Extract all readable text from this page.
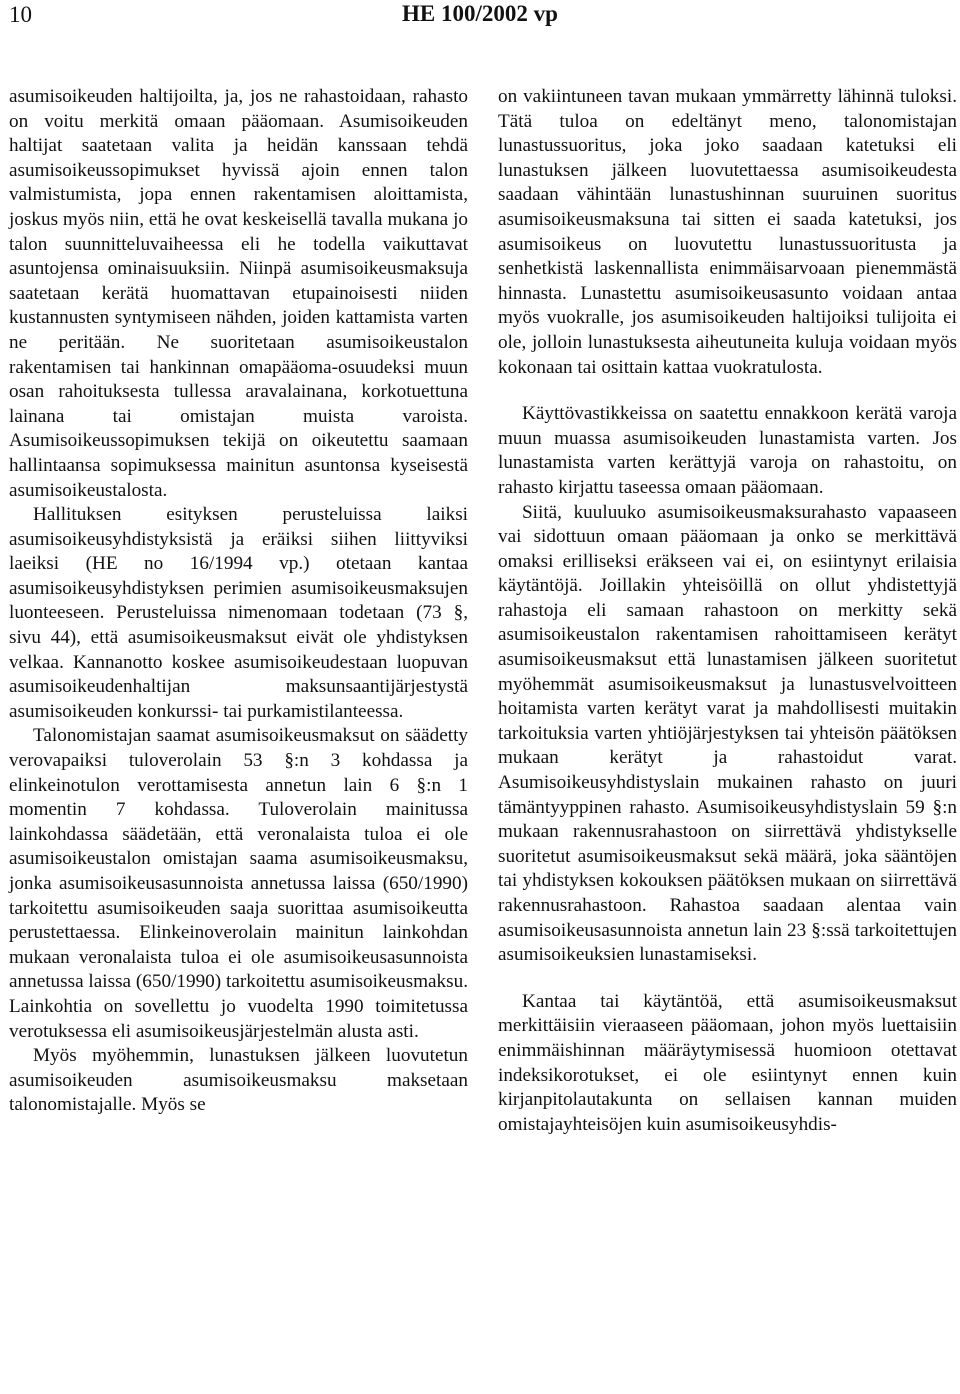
10	HE 100/2002 vp

asumisoikeuden haltijoilta, ja, jos ne rahastoidaan, rahasto on voitu merkitä omaan pääomaan. Asumisoikeuden haltijat saatetaan valita ja heidän kanssaan tehdä asumisoikeussopimukset hyvissä ajoin ennen talon valmistumista, jopa ennen rakentamisen aloittamista, joskus myös niin, että he ovat keskeisellä tavalla mukana jo talon suunnitteluvaiheessa eli he todella vaikuttavat asuntojensa ominaisuuksiin. Niinpä asumisoikeusmaksuja saatetaan kerätä huomattavan etupainoisesti niiden kustannusten syntymiseen nähden, joiden kattamista varten ne peritään. Ne suoritetaan asumisoikeustalon rakentamisen tai hankinnan omapääoma-osuudeksi muun osan rahoituksesta tullessa aravalainana, korkotuettuna lainana tai omistajan muista varoista. Asumisoikeussopimuksen tekijä on oikeutettu saamaan hallintaansa sopimuksessa mainitun asuntonsa kyseisestä asumisoikeustalosta.

Hallituksen esityksen perusteluissa laiksi asumisoikeusyhdistyksistä ja eräiksi siihen liittyviksi laeiksi (HE no 16/1994 vp.) otetaan kantaa asumisoikeusyhdistyksen perimien asumisoikeusmaksujen luonteeseen. Perusteluissa nimenomaan todetaan (73 §, sivu 44), että asumisoikeusmaksut eivät ole yhdistyksen velkaa. Kannanotto koskee asumisoikeudestaan luopuvan asumisoikeudenhaltijan maksunsaantijärjestystä asumisoikeuden konkurssi- tai purkamistilanteessa.

Talonomistajan saamat asumisoikeusmaksut on säädetty verovapaiksi tuloverolain 53 §:n 3 kohdassa ja elinkeinotulon verottamisesta annetun lain 6 §:n 1 momentin 7 kohdassa. Tuloverolain mainitussa lainkohdassa säädetään, että veronalaista tuloa ei ole asumisoikeustalon omistajan saama asumisoikeusmaksu, jonka asumisoikeusasunnoista annetussa laissa (650/1990) tarkoitettu asumisoikeuden saaja suorittaa asumisoikeutta perustettaessa. Elinkeinoverolain mainitun lainkohdan mukaan veronalaista tuloa ei ole asumisoikeusasunnoista annetussa laissa (650/1990) tarkoitettu asumisoikeusmaksu. Lainkohtia on sovellettu jo vuodelta 1990 toimitetussa verotuksessa eli asumisoikeusjärjestelmän alusta asti.

Myös myöhemmin, lunastuksen jälkeen luovutetun asumisoikeuden asumisoikeusmaksu maksetaan talonomistajalle. Myös se

on vakiintuneen tavan mukaan ymmärretty lähinnä tuloksi. Tätä tuloa on edeltänyt meno, talonomistajan lunastussuoritus, joka joko saadaan katetuksi eli lunastuksen jälkeen luovutettaessa asumisoikeudesta saadaan vähintään lunastushinnan suuruinen suoritus asumisoikeusmaksuna tai sitten ei saada katetuksi, jos asumisoikeus on luovutettu lunastussuoritusta ja senhetkistä laskennallista enimmäisarvoaan pienemmästä hinnasta. Lunastettu asumisoikeusasunto voidaan antaa myös vuokralle, jos asumisoikeuden haltijoiksi tulijoita ei ole, jolloin lunastuksesta aiheutuneita kuluja voidaan myös kokonaan tai osittain kattaa vuokratulosta.

Käyttövastikkeissa on saatettu ennakkoon kerätä varoja muun muassa asumisoikeuden lunastamista varten. Jos lunastamista varten kerättyjä varoja on rahastoitu, on rahasto kirjattu taseessa omaan pääomaan.

Siitä, kuuluuko asumisoikeusmaksurahasto vapaaseen vai sidottuun omaan pääomaan ja onko se merkittävä omaksi erilliseksi eräkseen vai ei, on esiintynyt erilaisia käytäntöjä. Joillakin yhteisöillä on ollut yhdistettyjä rahastoja eli samaan rahastoon on merkitty sekä asumisoikeustalon rakentamisen rahoittamiseen kerätyt asumisoikeusmaksut että lunastamisen jälkeen suoritetut myöhemmät asumisoikeusmaksut ja lunastusvelvoitteen hoitamista varten kerätyt varat ja mahdollisesti muitakin tarkoituksia varten yhtiöjärjestyksen tai yhteisön päätöksen mukaan kerätyt ja rahastoidut varat. Asumisoikeusyhdistyslain mukainen rahasto on juuri tämäntyyppinen rahasto. Asumisoikeusyhdistyslain 59 §:n mukaan rakennusrahastoon on siirrettävä yhdistykselle suoritetut asumisoikeusmaksut sekä määrä, joka sääntöjen tai yhdistyksen kokouksen päätöksen mukaan on siirrettävä rakennusrahastoon. Rahastoa saadaan alentaa vain asumisoikeusasunnoista annetun lain 23 §:ssä tarkoitettujen asumisoikeuksien lunastamiseksi.

Kantaa tai käytäntöä, että asumisoikeusmaksut merkittäisiin vieraaseen pääomaan, johon myös luettaisiin enimmäishinnan määräytymisessä huomioon otettavat indeksikorotukset, ei ole esiintynyt ennen kuin kirjanpitolautakunta on sellaisen kannan muiden omistajayhteisöjen kuin asumisoikeusyhdis-
